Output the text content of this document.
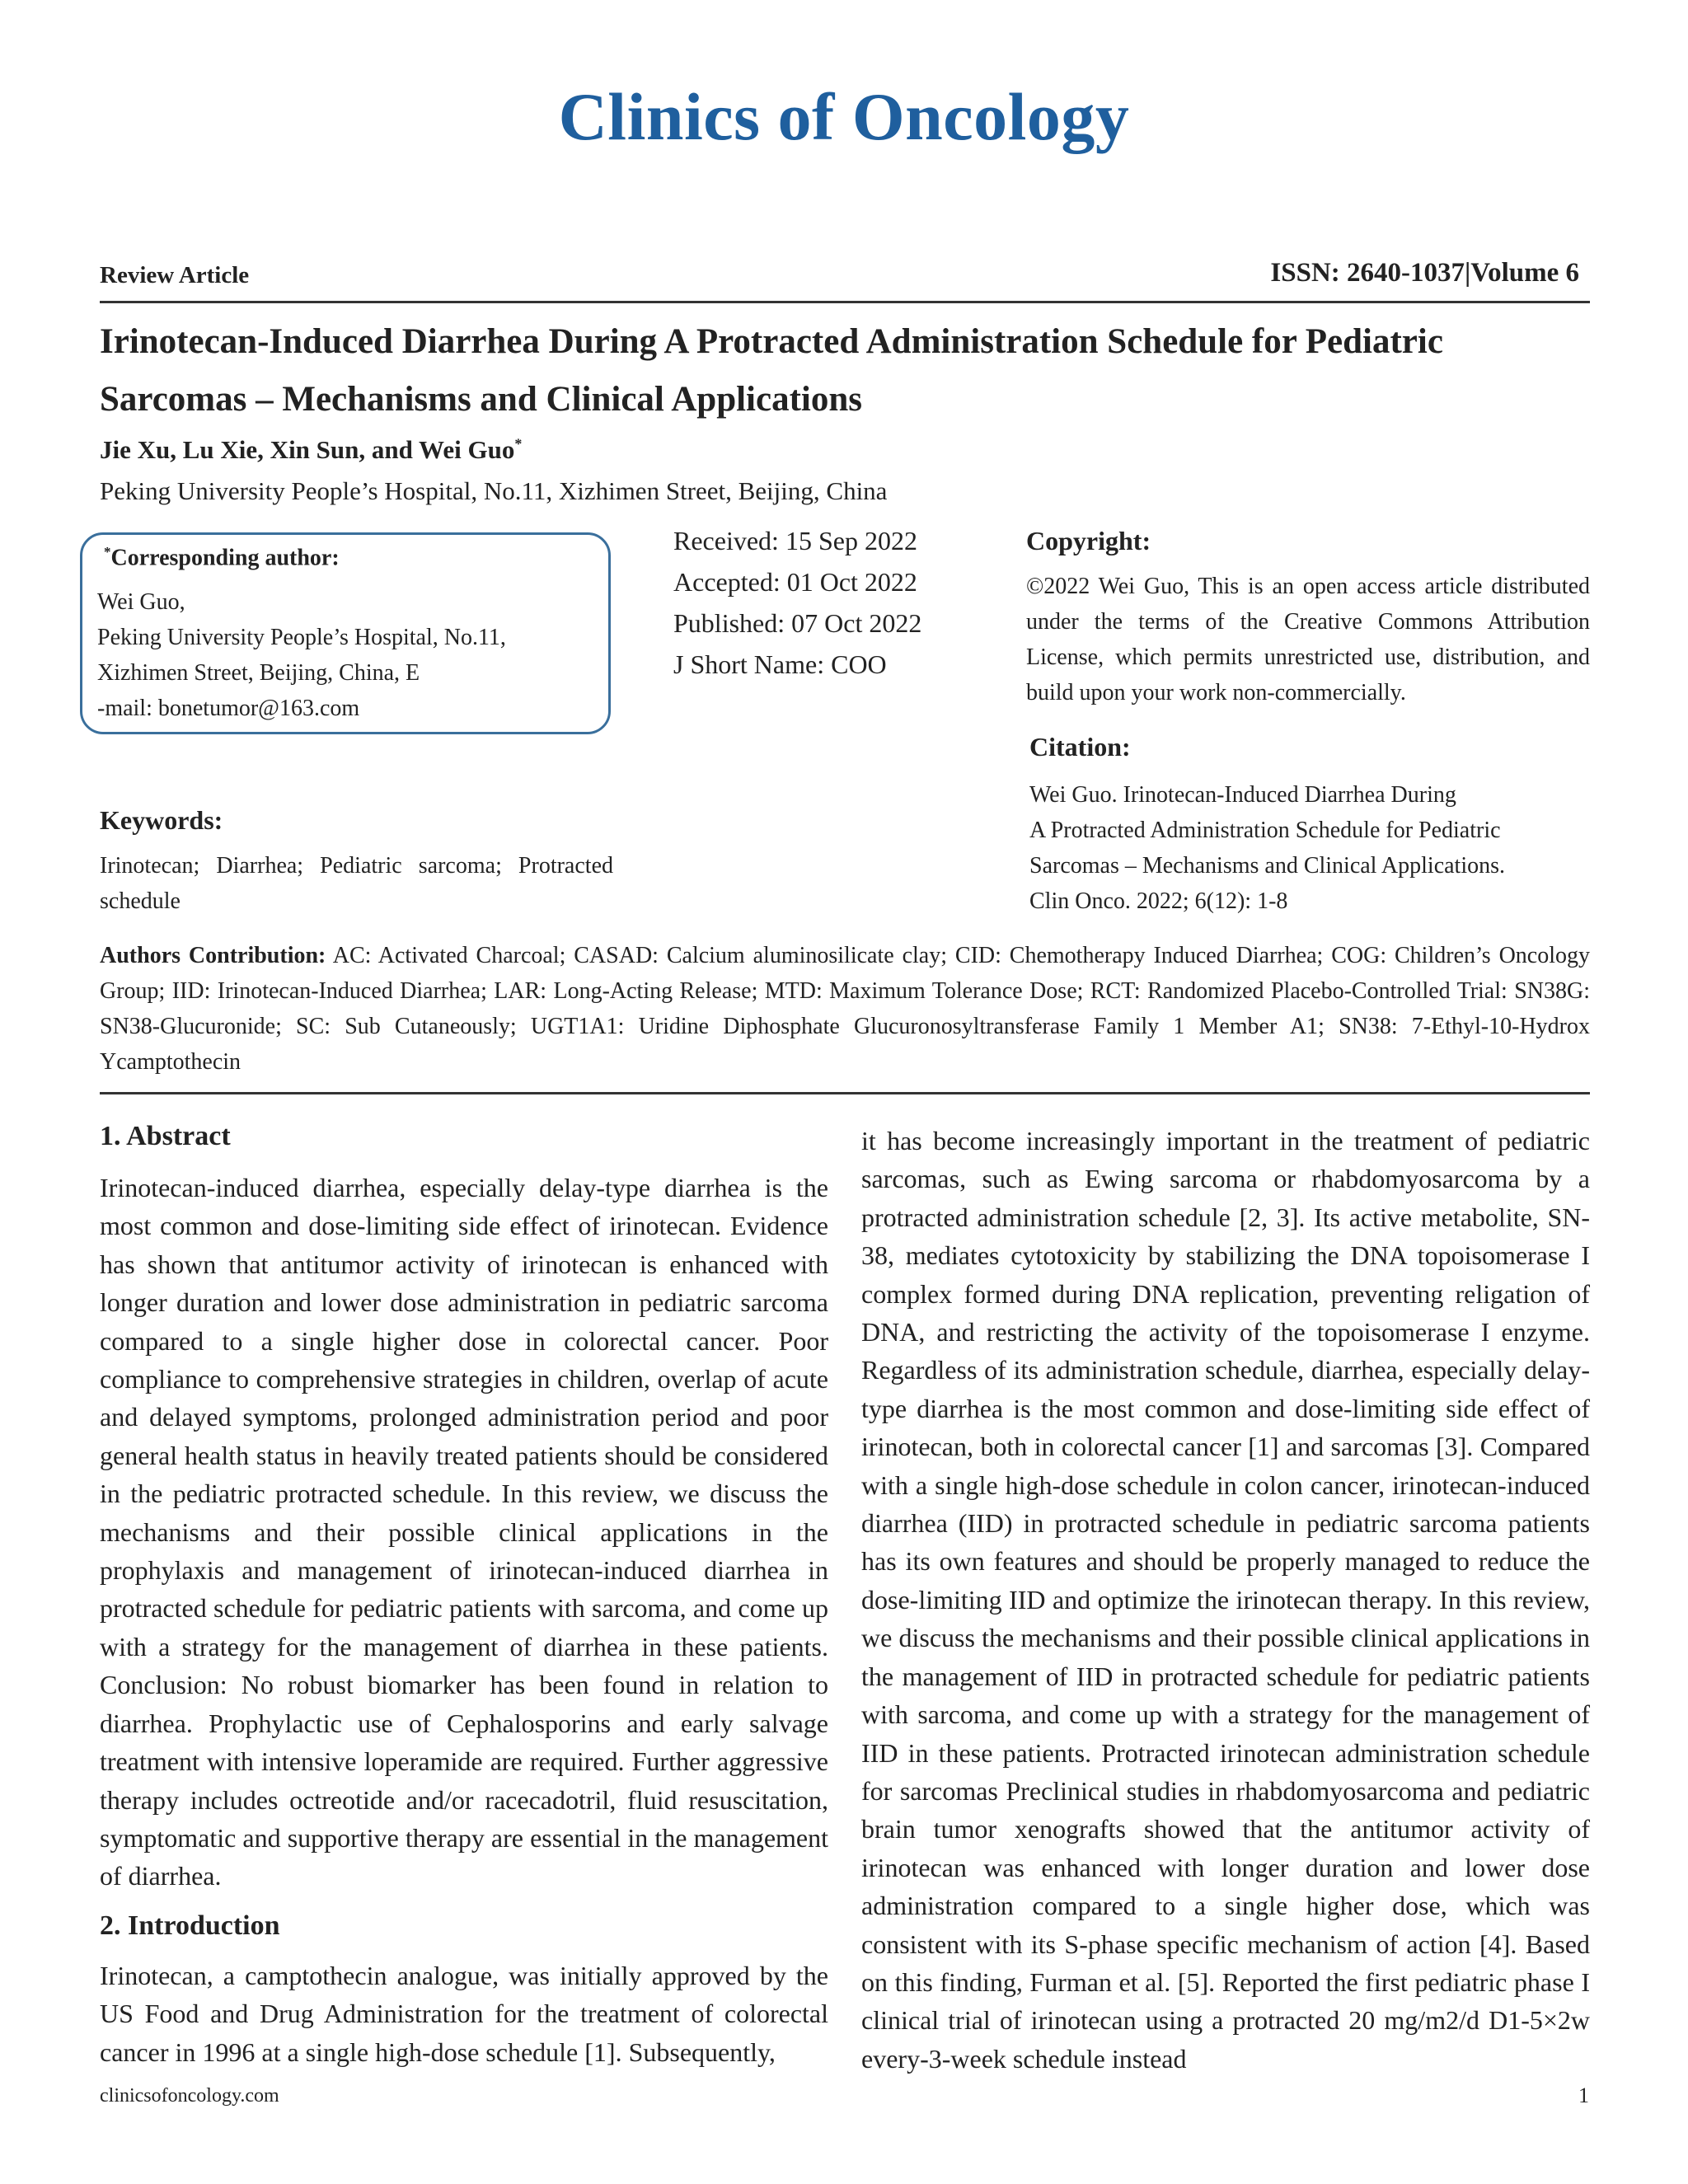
Clinics of Oncology
Review Article	ISSN: 2640-1037|Volume 6
Irinotecan-Induced Diarrhea During A Protracted Administration Schedule for Pediatric Sarcomas – Mechanisms and Clinical Applications
Jie Xu, Lu Xie, Xin Sun, and Wei Guo*
Peking University People’s Hospital, No.11, Xizhimen Street, Beijing, China
*Corresponding author:
Wei Guo,
Peking University People’s Hospital, No.11,
Xizhimen Street, Beijing, China, E
-mail: bonetumor@163.com
Received: 15 Sep 2022
Accepted: 01 Oct 2022
Published: 07 Oct 2022
J Short Name: COO
Copyright:
©2022 Wei Guo, This is an open access article distributed under the terms of the Creative Commons Attribution License, which permits unrestricted use, distribution, and build upon your work non-commercially.
Citation:
Wei Guo. Irinotecan-Induced Diarrhea During
A Protracted Administration Schedule for Pediatric
Sarcomas – Mechanisms and Clinical Applications.
Clin Onco. 2022; 6(12): 1-8
Keywords:
Irinotecan; Diarrhea; Pediatric sarcoma; Protracted schedule
Authors Contribution: AC: Activated Charcoal; CASAD: Calcium aluminosilicate clay; CID: Chemotherapy Induced Diarrhea; COG: Children’s Oncology Group; IID: Irinotecan-Induced Diarrhea; LAR: Long-Acting Release; MTD: Maximum Tolerance Dose; RCT: Randomized Placebo-Controlled Trial: SN38G: SN38-Glucuronide; SC: Sub Cutaneously; UGT1A1: Uridine Diphosphate Glucuronosyltransferase Family 1 Member A1; SN38: 7-Ethyl-10-Hydrox Ycamptothecin
1. Abstract
Irinotecan-induced diarrhea, especially delay-type diarrhea is the most common and dose-limiting side effect of irinotecan. Evidence has shown that antitumor activity of irinotecan is enhanced with longer duration and lower dose administration in pediatric sarcoma compared to a single higher dose in colorectal cancer. Poor compliance to comprehensive strategies in children, overlap of acute and delayed symptoms, prolonged administration period and poor general health status in heavily treated patients should be considered in the pediatric protracted schedule. In this review, we discuss the mechanisms and their possible clinical applications in the prophylaxis and management of irinotecan-induced diarrhea in protracted schedule for pediatric patients with sarcoma, and come up with a strategy for the management of diarrhea in these patients. Conclusion: No robust biomarker has been found in relation to diarrhea. Prophylactic use of Cephalosporins and early salvage treatment with intensive loperamide are required. Further aggressive therapy includes octreotide and/or racecadotril, fluid resuscitation, symptomatic and supportive therapy are essential in the management of diarrhea.
2. Introduction
Irinotecan, a camptothecin analogue, was initially approved by the US Food and Drug Administration for the treatment of colorectal cancer in 1996 at a single high-dose schedule [1]. Subsequently,
it has become increasingly important in the treatment of pediatric sarcomas, such as Ewing sarcoma or rhabdomyosarcoma by a protracted administration schedule [2, 3]. Its active metabolite, SN-38, mediates cytotoxicity by stabilizing the DNA topoisomerase I complex formed during DNA replication, preventing religation of DNA, and restricting the activity of the topoisomerase I enzyme. Regardless of its administration schedule, diarrhea, especially delay-type diarrhea is the most common and dose-limiting side effect of irinotecan, both in colorectal cancer [1] and sarcomas [3]. Compared with a single high-dose schedule in colon cancer, irinotecan-induced diarrhea (IID) in protracted schedule in pediatric sarcoma patients has its own features and should be properly managed to reduce the dose-limiting IID and optimize the irinotecan therapy. In this review, we discuss the mechanisms and their possible clinical applications in the management of IID in protracted schedule for pediatric patients with sarcoma, and come up with a strategy for the management of IID in these patients. Protracted irinotecan administration schedule for sarcomas Preclinical studies in rhabdomyosarcoma and pediatric brain tumor xenografts showed that the antitumor activity of irinotecan was enhanced with longer duration and lower dose administration compared to a single higher dose, which was consistent with its S-phase specific mechanism of action [4]. Based on this finding, Furman et al. [5]. Reported the first pediatric phase I clinical trial of irinotecan using a protracted 20 mg/m2/d D1-5×2w every-3-week schedule instead
clinicsofoncology.com	1
